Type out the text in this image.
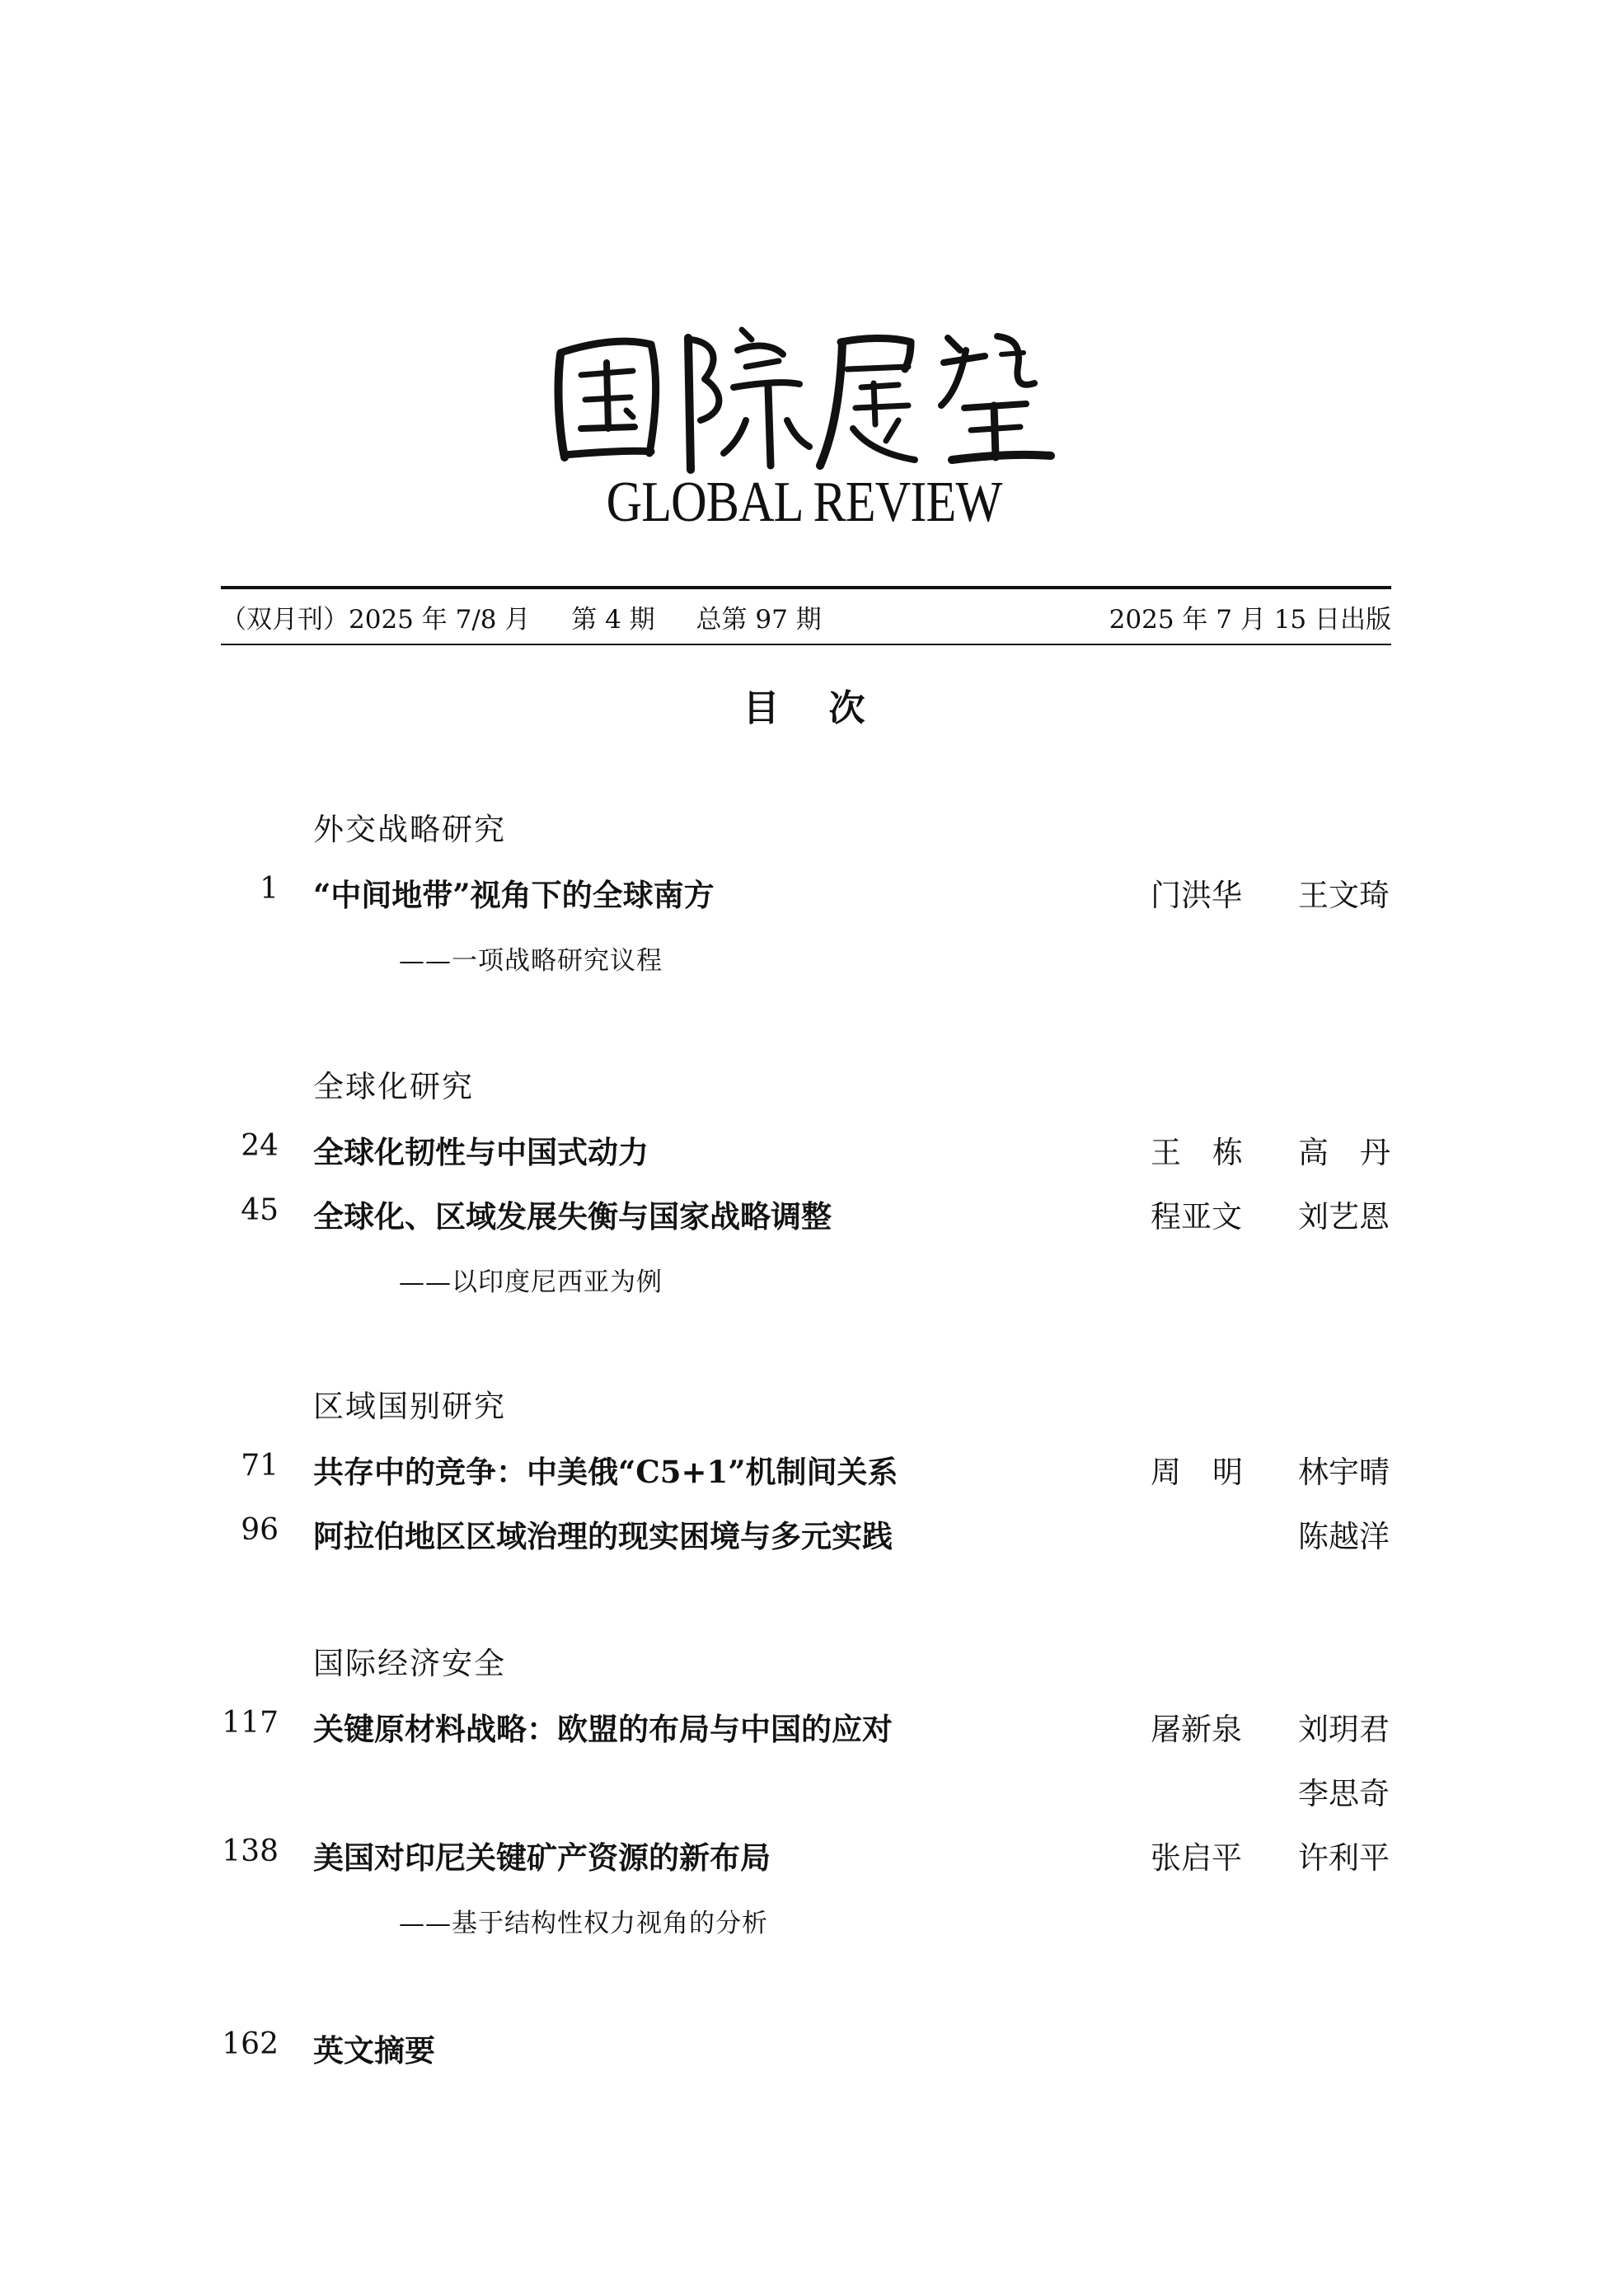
GLOBAL REVIEW
（双月刊）2025 年 7/8 月 第 4 期 总第 97 期	2025 年 7 月 15 日出版
目次
外交战略研究
1 “中间地带”视角下的全球南方	门洪华 王文琦
——一项战略研究议程
全球化研究
24 全球化韧性与中国式动力	王栋 高丹
45 全球化、区域发展失衡与国家战略调整	程亚文 刘艺恩
——以印度尼西亚为例
区域国别研究
71 共存中的竞争：中美俄“C5+1”机制间关系	周明 林宇晴
96 阿拉伯地区区域治理的现实困境与多元实践	陈越洋
国际经济安全
117 关键原材料战略：欧盟的布局与中国的应对	屠新泉 刘玥君
李思奇
138 美国对印尼关键矿产资源的新布局	张启平 许利平
——基于结构性权力视角的分析
162 英文摘要
